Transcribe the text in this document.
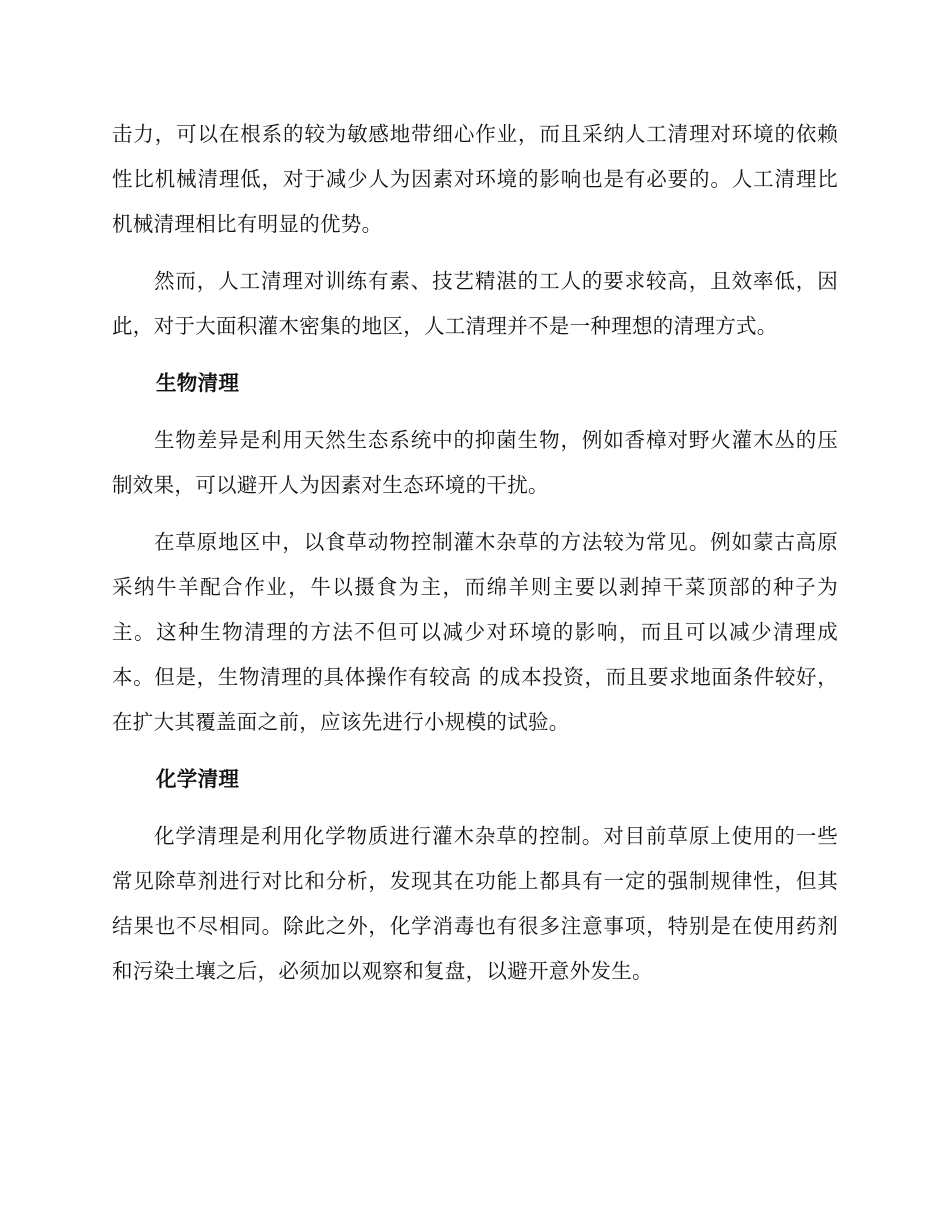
击力，可以在根系的较为敏感地带细心作业，而且采纳人工清理对环境的依赖性比机械清理低，对于减少人为因素对环境的影响也是有必要的。人工清理比机械清理相比有明显的优势。

然而，人工清理对训练有素、技艺精湛的工人的要求较高，且效率低，因此，对于大面积灌木密集的地区，人工清理并不是一种理想的清理方式。

生物清理

生物差异是利用天然生态系统中的抑菌生物，例如香樟对野火灌木丛的压制效果，可以避开人为因素对生态环境的干扰。

在草原地区中，以食草动物控制灌木杂草的方法较为常见。例如蒙古高原采纳牛羊配合作业，牛以摄食为主，而绵羊则主要以剥掉干菜顶部的种子为主。这种生物清理的方法不但可以减少对环境的影响，而且可以减少清理成本。但是，生物清理的具体操作有较高 的成本投资，而且要求地面条件较好，在扩大其覆盖面之前，应该先进行小规模的试验。

化学清理

化学清理是利用化学物质进行灌木杂草的控制。对目前草原上使用的一些常见除草剂进行对比和分析，发现其在功能上都具有一定的强制规律性，但其结果也不尽相同。除此之外，化学消毒也有很多注意事项，特别是在使用药剂和污染土壤之后，必须加以观察和复盘，以避开意外发生。
